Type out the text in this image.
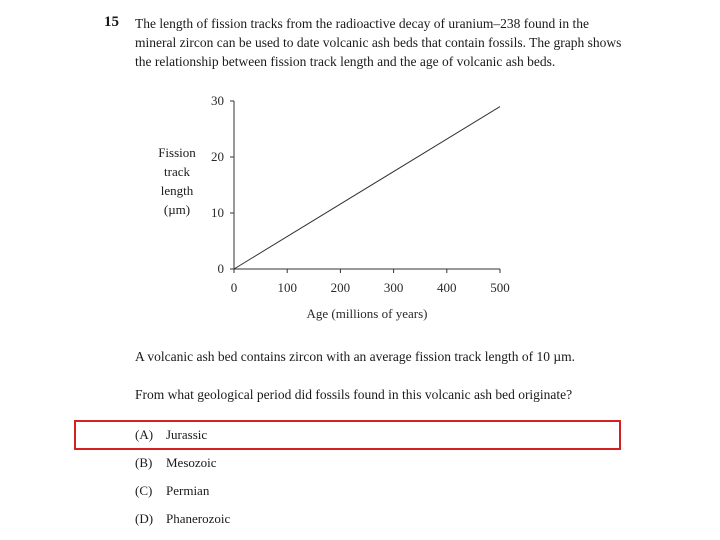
15 The length of fission tracks from the radioactive decay of uranium–238 found in the
mineral zircon can be used to date volcanic ash beds that contain fossils. The graph shows
the relationship between fission track length and the age of volcanic ash beds.
Fission
track
length
(µm)
0	100	200	300	400	500
0
10
20
30
Age (millions of years)
A volcanic ash bed contains zircon with an average fission track length of 10 µm.
From what geological period did fossils found in this volcanic ash bed originate?
(A) Jurassic
(B) Mesozoic
(C) Permian
(D) Phanerozoic
